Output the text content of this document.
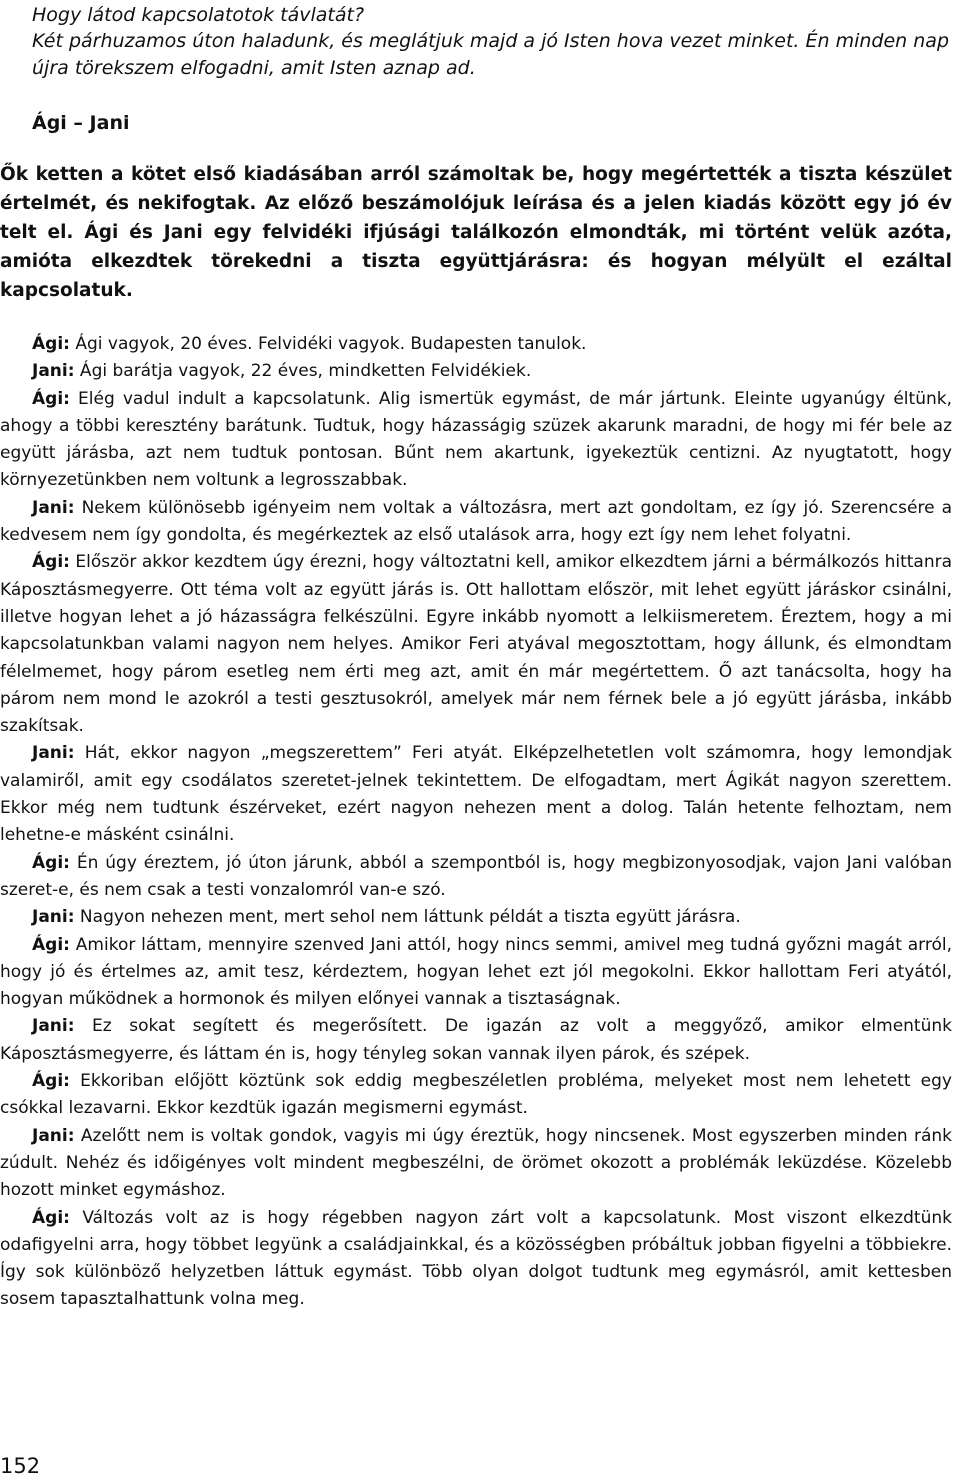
Hogy látod kapcsolatotok távlatát?

Két párhuzamos úton haladunk, és meglátjuk majd a jó Isten hova vezet minket. Én minden nap újra törekszem elfogadni, amit Isten aznap ad.

Ági – Jani

Ők ketten a kötet első kiadásában arról számoltak be, hogy megértették a tiszta készület értelmét, és nekifogtak. Az előző beszámolójuk leírása és a jelen kiadás között egy jó év telt el. Ági és Jani egy felvidéki ifjúsági találkozón elmondták, mi történt velük azóta, amióta elkezdtek törekedni a tiszta együttjárásra: és hogyan mélyült el ezáltal kapcsolatuk.

Ági: Ági vagyok, 20 éves. Felvidéki vagyok. Budapesten tanulok.

Jani: Ági barátja vagyok, 22 éves, mindketten Felvidékiek.

Ági: Elég vadul indult a kapcsolatunk. Alig ismertük egymást, de már jártunk. Eleinte ugyanúgy éltünk, ahogy a többi keresztény barátunk. Tudtuk, hogy házasságig szüzek akarunk maradni, de hogy mi fér bele az együtt járásba, azt nem tudtuk pontosan. Bűnt nem akartunk, igyekeztük centizni. Az nyugtatott, hogy környezetünkben nem voltunk a legrosszabbak.

Jani: Nekem különösebb igényeim nem voltak a változásra, mert azt gondoltam, ez így jó. Szerencsére a kedvesem nem így gondolta, és megérkeztek az első utalások arra, hogy ezt így nem lehet folyatni.

Ági: Először akkor kezdtem úgy érezni, hogy változtatni kell, amikor elkezdtem járni a bérmálkozós hittanra Káposztásmegyerre. Ott téma volt az együtt járás is. Ott hallottam először, mit lehet együtt járáskor csinálni, illetve hogyan lehet a jó házasságra felkészülni. Egyre inkább nyomott a lelkiismeretem. Éreztem, hogy a mi kapcsolatunkban valami nagyon nem helyes. Amikor Feri atyával megosztottam, hogy állunk, és elmondtam félelmemet, hogy párom esetleg nem érti meg azt, amit én már megértettem. Ő azt tanácsolta, hogy ha párom nem mond le azokról a testi gesztusokról, amelyek már nem férnek bele a jó együtt járásba, inkább szakítsak.

Jani: Hát, ekkor nagyon „megszerettem” Feri atyát. Elképzelhetetlen volt számomra, hogy lemondjak valamiről, amit egy csodálatos szeretet-jelnek tekintettem. De elfogadtam, mert Ágikát nagyon szerettem. Ekkor még nem tudtunk észérveket, ezért nagyon nehezen ment a dolog. Talán hetente felhoztam, nem lehetne-e másként csinálni.

Ági: Én úgy éreztem, jó úton járunk, abból a szempontból is, hogy megbizonyosodjak, vajon Jani valóban szeret-e, és nem csak a testi vonzalomról van-e szó.

Jani: Nagyon nehezen ment, mert sehol nem láttunk példát a tiszta együtt járásra.

Ági: Amikor láttam, mennyire szenved Jani attól, hogy nincs semmi, amivel meg tudná győzni magát arról, hogy jó és értelmes az, amit tesz, kérdeztem, hogyan lehet ezt jól megokolni. Ekkor hallottam Feri atyától, hogyan működnek a hormonok és milyen előnyei vannak a tisztaságnak.

Jani: Ez sokat segített és megerősített. De igazán az volt a meggyőző, amikor elmentünk Káposztásmegyerre, és láttam én is, hogy tényleg sokan vannak ilyen párok, és szépek.

Ági: Ekkoriban előjött köztünk sok eddig megbeszéletlen probléma, melyeket most nem lehetett egy csókkal lezavarni. Ekkor kezdtük igazán megismerni egymást.

Jani: Azelőtt nem is voltak gondok, vagyis mi úgy éreztük, hogy nincsenek. Most egyszerben minden ránk zúdult. Nehéz és időigényes volt mindent megbeszélni, de örömet okozott a problémák leküzdése. Közelebb hozott minket egymáshoz.

Ági: Változás volt az is hogy régebben nagyon zárt volt a kapcsolatunk. Most viszont elkezdtünk odafigyelni arra, hogy többet legyünk a családjainkkal, és a közösségben próbáltuk jobban figyelni a többiekre. Így sok különböző helyzetben láttuk egymást. Több olyan dolgot tudtunk meg egymásról, amit kettesben sosem tapasztalhattunk volna meg.

152
